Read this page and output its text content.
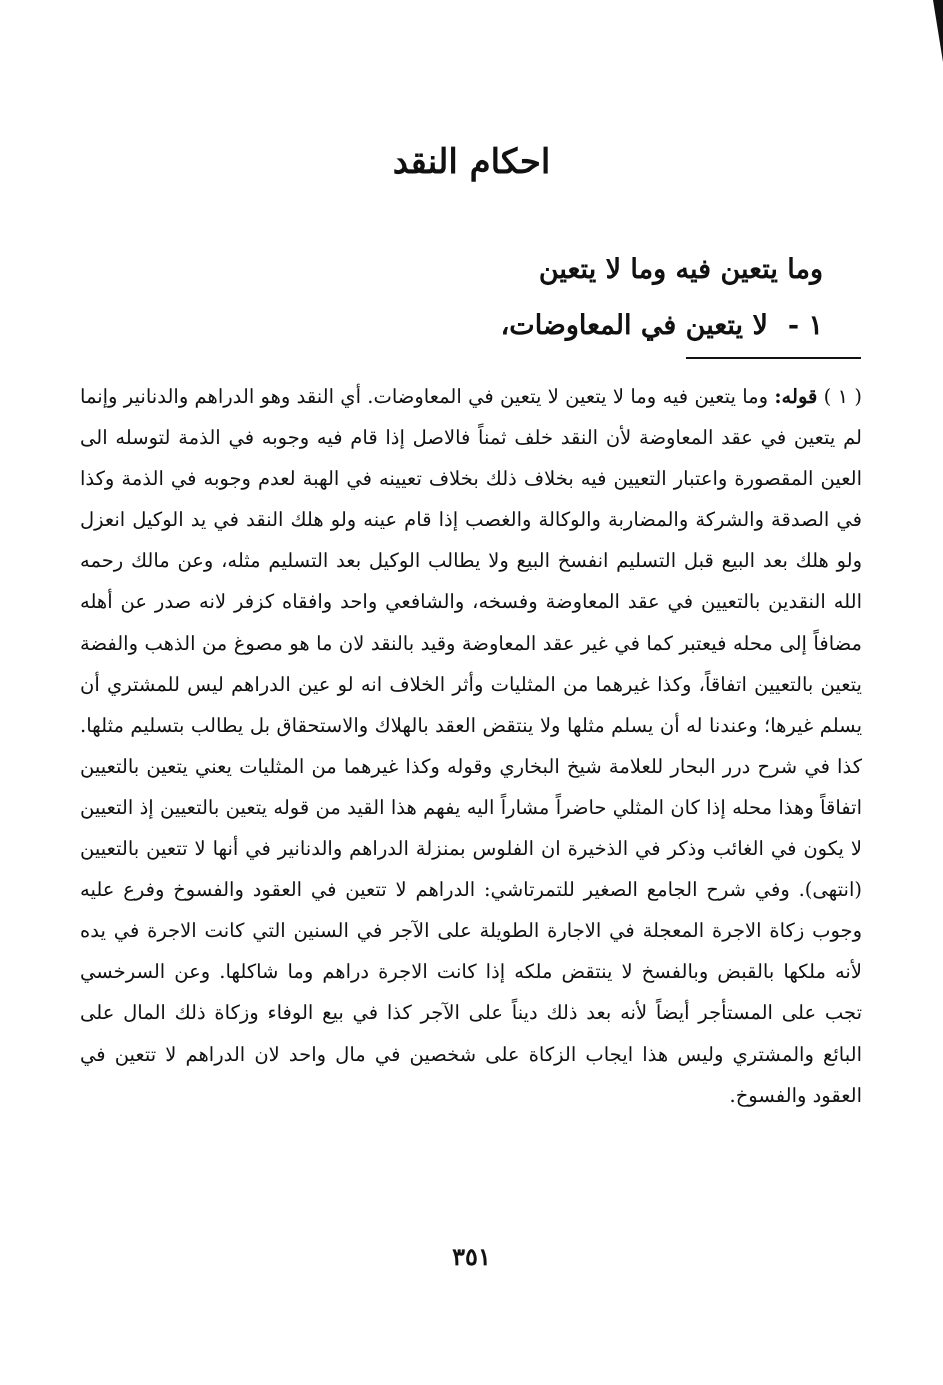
احكام النقد

وما يتعين فيه وما لا يتعين

١ -لا يتعين في المعاوضات،

( ١ ) قوله: وما يتعين فيه وما لا يتعين لا يتعين في المعاوضات. أي النقد وهو الدراهم والدنانير وإنما لم يتعين في عقد المعاوضة لأن النقد خلف ثمناً فالاصل إذا قام فيه وجوبه في الذمة لتوسله الى العين المقصورة واعتبار التعيين فيه بخلاف ذلك بخلاف تعيينه في الهبة لعدم وجوبه في الذمة وكذا في الصدقة والشركة والمضاربة والوكالة والغصب إذا قام عينه ولو هلك النقد في يد الوكيل انعزل ولو هلك بعد البيع قبل التسليم انفسخ البيع ولا يطالب الوكيل بعد التسليم مثله، وعن مالك رحمه الله النقدين بالتعيين في عقد المعاوضة وفسخه، والشافعي واحد وافقاه كزفر لانه صدر عن أهله مضافاً إلى محله فيعتبر كما في غير عقد المعاوضة وقيد بالنقد لان ما هو مصوغ من الذهب والفضة يتعين بالتعيين اتفاقاً، وكذا غيرهما من المثليات وأثر الخلاف انه لو عين الدراهم ليس للمشتري أن يسلم غيرها؛ وعندنا له أن يسلم مثلها ولا ينتقض العقد بالهلاك والاستحقاق بل يطالب بتسليم مثلها. كذا في شرح درر البحار للعلامة شيخ البخاري وقوله وكذا غيرهما من المثليات يعني يتعين بالتعيين اتفاقاً وهذا محله إذا كان المثلي حاضراً مشاراً اليه يفهم هذا القيد من قوله يتعين بالتعيين إذ التعيين لا يكون في الغائب وذكر في الذخيرة ان الفلوس بمنزلة الدراهم والدنانير في أنها لا تتعين بالتعيين (انتهى). وفي شرح الجامع الصغير للتمرتاشي: الدراهم لا تتعين في العقود والفسوخ وفرع عليه وجوب زكاة الاجرة المعجلة في الاجارة الطويلة على الآجر في السنين التي كانت الاجرة في يده لأنه ملكها بالقبض وبالفسخ لا ينتقض ملكه إذا كانت الاجرة دراهم وما شاكلها. وعن السرخسي تجب على المستأجر أيضاً لأنه بعد ذلك ديناً على الآجر كذا في بيع الوفاء وزكاة ذلك المال على البائع والمشتري وليس هذا ايجاب الزكاة على شخصين في مال واحد لان الدراهم لا تتعين في العقود والفسوخ.

٣٥١
